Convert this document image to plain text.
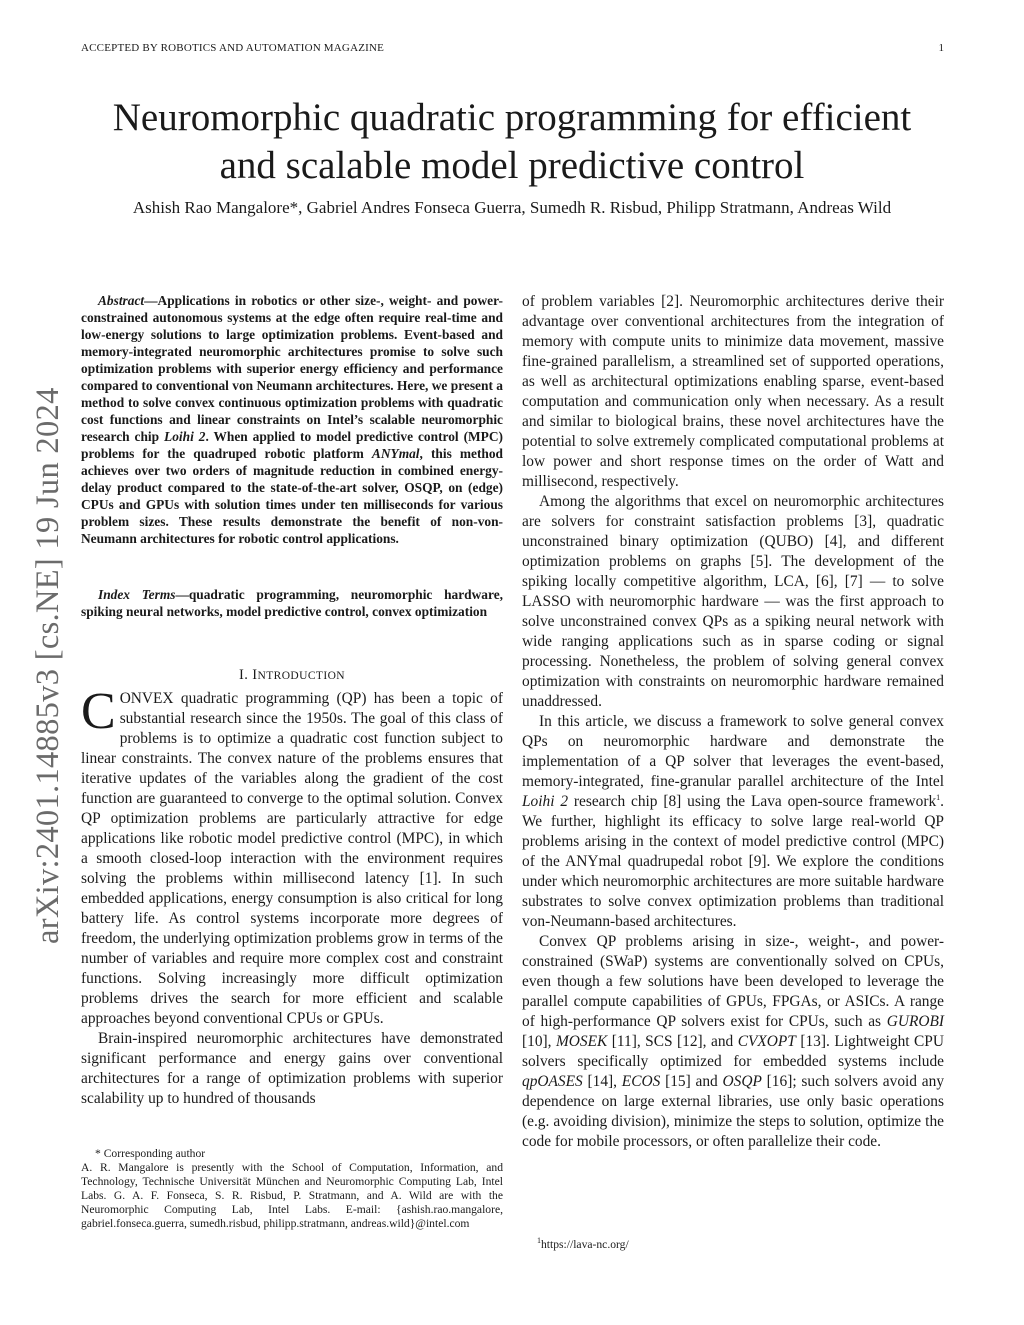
ACCEPTED BY ROBOTICS AND AUTOMATION MAGAZINE	1
Neuromorphic quadratic programming for efficient
and scalable model predictive control
Ashish Rao Mangalore*, Gabriel Andres Fonseca Guerra, Sumedh R. Risbud, Philipp Stratmann, Andreas Wild
arXiv:2401.14885v3 [cs.NE] 19 Jun 2024

Abstract—Applications in robotics or other size-, weight- and power-constrained autonomous systems at the edge often require real-time and low-energy solutions to large optimization problems. Event-based and memory-integrated neuromorphic architectures promise to solve such optimization problems with superior energy efficiency and performance compared to conventional von Neumann architectures. Here, we present a method to solve convex continuous optimization problems with quadratic cost functions and linear constraints on Intel’s scalable neuromorphic research chip Loihi 2. When applied to model predictive control (MPC) problems for the quadruped robotic platform ANYmal, this method achieves over two orders of magnitude reduction in combined energy-delay product compared to the state-of-the-art solver, OSQP, on (edge) CPUs and GPUs with solution times under ten milliseconds for various problem sizes. These results demonstrate the benefit of non-von-Neumann architectures for robotic control applications.

Index Terms—quadratic programming, neuromorphic hardware, spiking neural networks, model predictive control, convex optimization

I. INTRODUCTION

CONVEX quadratic programming (QP) has been a topic of substantial research since the 1950s. The goal of this class of problems is to optimize a quadratic cost function subject to linear constraints. The convex nature of the problems ensures that iterative updates of the variables along the gradient of the cost function are guaranteed to converge to the optimal solution. Convex QP optimization problems are particularly attractive for edge applications like robotic model predictive control (MPC), in which a smooth closed-loop interaction with the environment requires solving the problems within millisecond latency [1]. In such embedded applications, energy consumption is also critical for long battery life. As control systems incorporate more degrees of freedom, the underlying optimization problems grow in terms of the number of variables and require more complex cost and constraint functions. Solving increasingly more difficult optimization problems drives the search for more efficient and scalable approaches beyond conventional CPUs or GPUs.

Brain-inspired neuromorphic architectures have demonstrated significant performance and energy gains over conventional architectures for a range of optimization problems with superior scalability up to hundred of thousands

* Corresponding author

A. R. Mangalore is presently with the School of Computation, Information, and Technology, Technische Universität München and Neuromorphic Computing Lab, Intel Labs. G. A. F. Fonseca, S. R. Risbud, P. Stratmann, and A. Wild are with the Neuromorphic Computing Lab, Intel Labs. E-mail: {ashish.rao.mangalore, gabriel.fonseca.guerra, sumedh.risbud, philipp.stratmann, andreas.wild}@intel.com

of problem variables [2]. Neuromorphic architectures derive their advantage over conventional architectures from the integration of memory with compute units to minimize data movement, massive fine-grained parallelism, a streamlined set of supported operations, as well as architectural optimizations enabling sparse, event-based computation and communication only when necessary. As a result and similar to biological brains, these novel architectures have the potential to solve extremely complicated computational problems at low power and short response times on the order of Watt and millisecond, respectively.

Among the algorithms that excel on neuromorphic architectures are solvers for constraint satisfaction problems [3], quadratic unconstrained binary optimization (QUBO) [4], and different optimization problems on graphs [5]. The development of the spiking locally competitive algorithm, LCA, [6], [7] — to solve LASSO with neuromorphic hardware — was the first approach to solve unconstrained convex QPs as a spiking neural network with wide ranging applications such as in sparse coding or signal processing. Nonetheless, the problem of solving general convex optimization with constraints on neuromorphic hardware remained unaddressed.

In this article, we discuss a framework to solve general convex QPs on neuromorphic hardware and demonstrate the implementation of a QP solver that leverages the event-based, memory-integrated, fine-granular parallel architecture of the Intel Loihi 2 research chip [8] using the Lava open-source framework$^1$. We further, highlight its efficacy to solve large real-world QP problems arising in the context of model predictive control (MPC) of the ANYmal quadrupedal robot [9]. We explore the conditions under which neuromorphic architectures are more suitable hardware substrates to solve convex optimization problems than traditional von-Neumann-based architectures.

Convex QP problems arising in size-, weight-, and power-constrained (SWaP) systems are conventionally solved on CPUs, even though a few solutions have been developed to leverage the parallel compute capabilities of GPUs, FPGAs, or ASICs. A range of high-performance QP solvers exist for CPUs, such as GUROBI [10], MOSEK [11], SCS [12], and CVXOPT [13]. Lightweight CPU solvers specifically optimized for embedded systems include qpOASES [14], ECOS [15] and OSQP [16]; such solvers avoid any dependence on large external libraries, use only basic operations (e.g. avoiding division), minimize the steps to solution, optimize the code for mobile processors, or often parallelize their code.

$^1$https://lava-nc.org/
